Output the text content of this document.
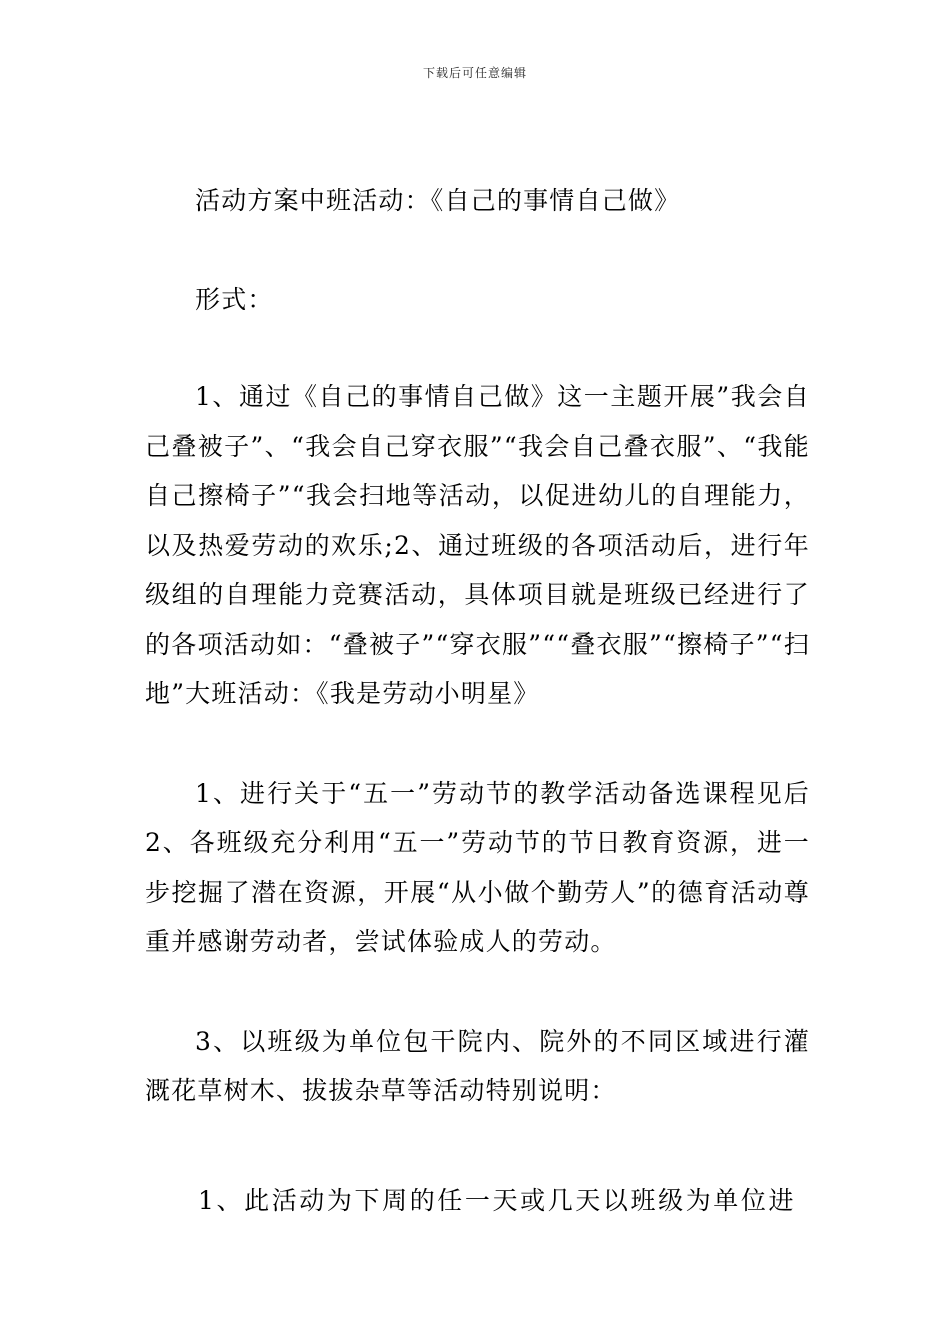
下载后可任意编辑

活动方案中班活动：《自己的事情自己做》

形式：

1、通过《自己的事情自己做》这一主题开展”我会自己叠被子”、“我会自己穿衣服”“我会自己叠衣服”、“我能自己擦椅子”“我会扫地等活动，以促进幼儿的自理能力，以及热爱劳动的欢乐;2、通过班级的各项活动后，进行年级组的自理能力竞赛活动，具体项目就是班级已经进行了的各项活动如：“叠被子”“穿衣服”““叠衣服”“擦椅子”“扫地”大班活动：《我是劳动小明星》

1、进行关于“五一”劳动节的教学活动备选课程见后2、各班级充分利用“五一”劳动节的节日教育资源，进一步挖掘了潜在资源，开展“从小做个勤劳人”的德育活动尊重并感谢劳动者，尝试体验成人的劳动。

3、以班级为单位包干院内、院外的不同区域进行灌溉花草树木、拔拔杂草等活动特别说明：

1、此活动为下周的任一天或几天以班级为单位进
